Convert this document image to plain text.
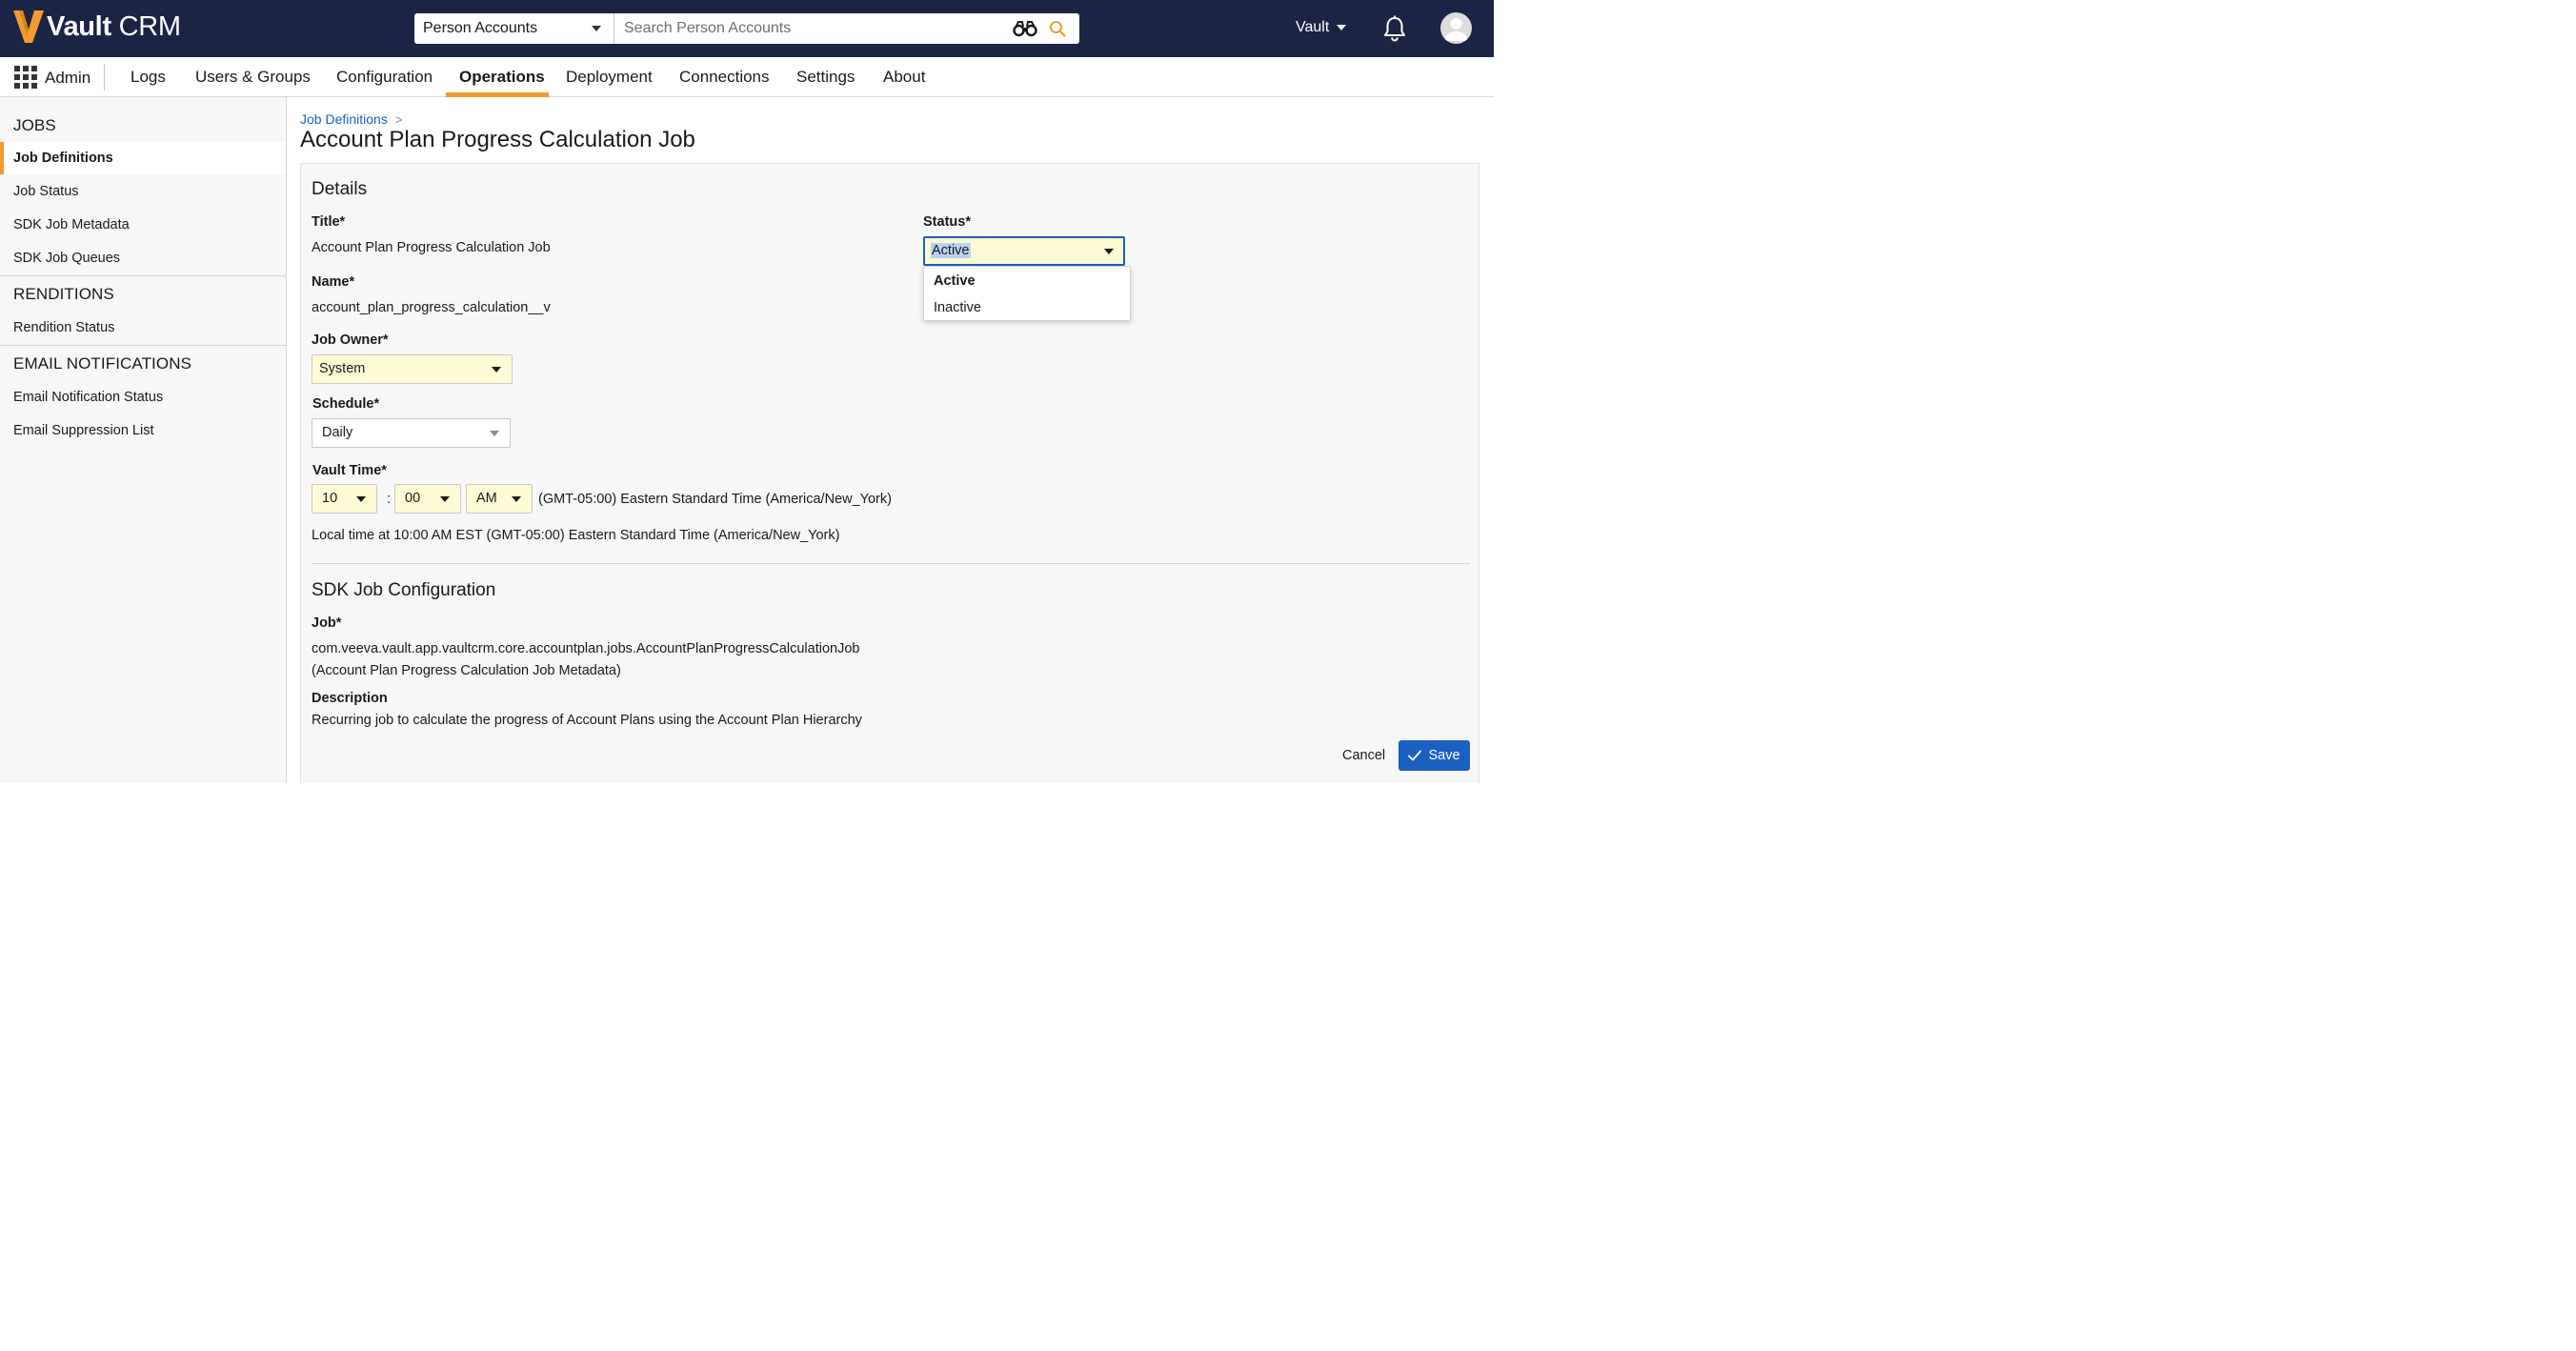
Vault CRM	Person Accounts
Search Person Accounts	Vault
Admin Logs Users & Groups Configuration Operations Deployment Connections Settings About
JOBS
Job Definitions
Job Status
SDK Job Metadata
SDK Job Queues
RENDITIONS
Rendition Status
EMAIL NOTIFICATIONS
Email Notification Status
Email Suppression List
Job Definitions >
Account Plan Progress Calculation Job
Details
Title*
Account Plan Progress Calculation Job
Name*
account_plan_progress_calculation__v
Job Owner*
System
Schedule*
Daily
Vault Time*
10	:	00	AM	(GMT-05:00) Eastern Standard Time (America/New_York)
Local time at 10:00 AM EST (GMT-05:00) Eastern Standard Time (America/New_York)
Status*
Active
Active
Inactive
SDK Job Configuration
Job*
com.veeva.vault.app.vaultcrm.core.accountplan.jobs.AccountPlanProgressCalculationJob
(Account Plan Progress Calculation Job Metadata)
Description
Recurring job to calculate the progress of Account Plans using the Account Plan Hierarchy
Cancel	Save
